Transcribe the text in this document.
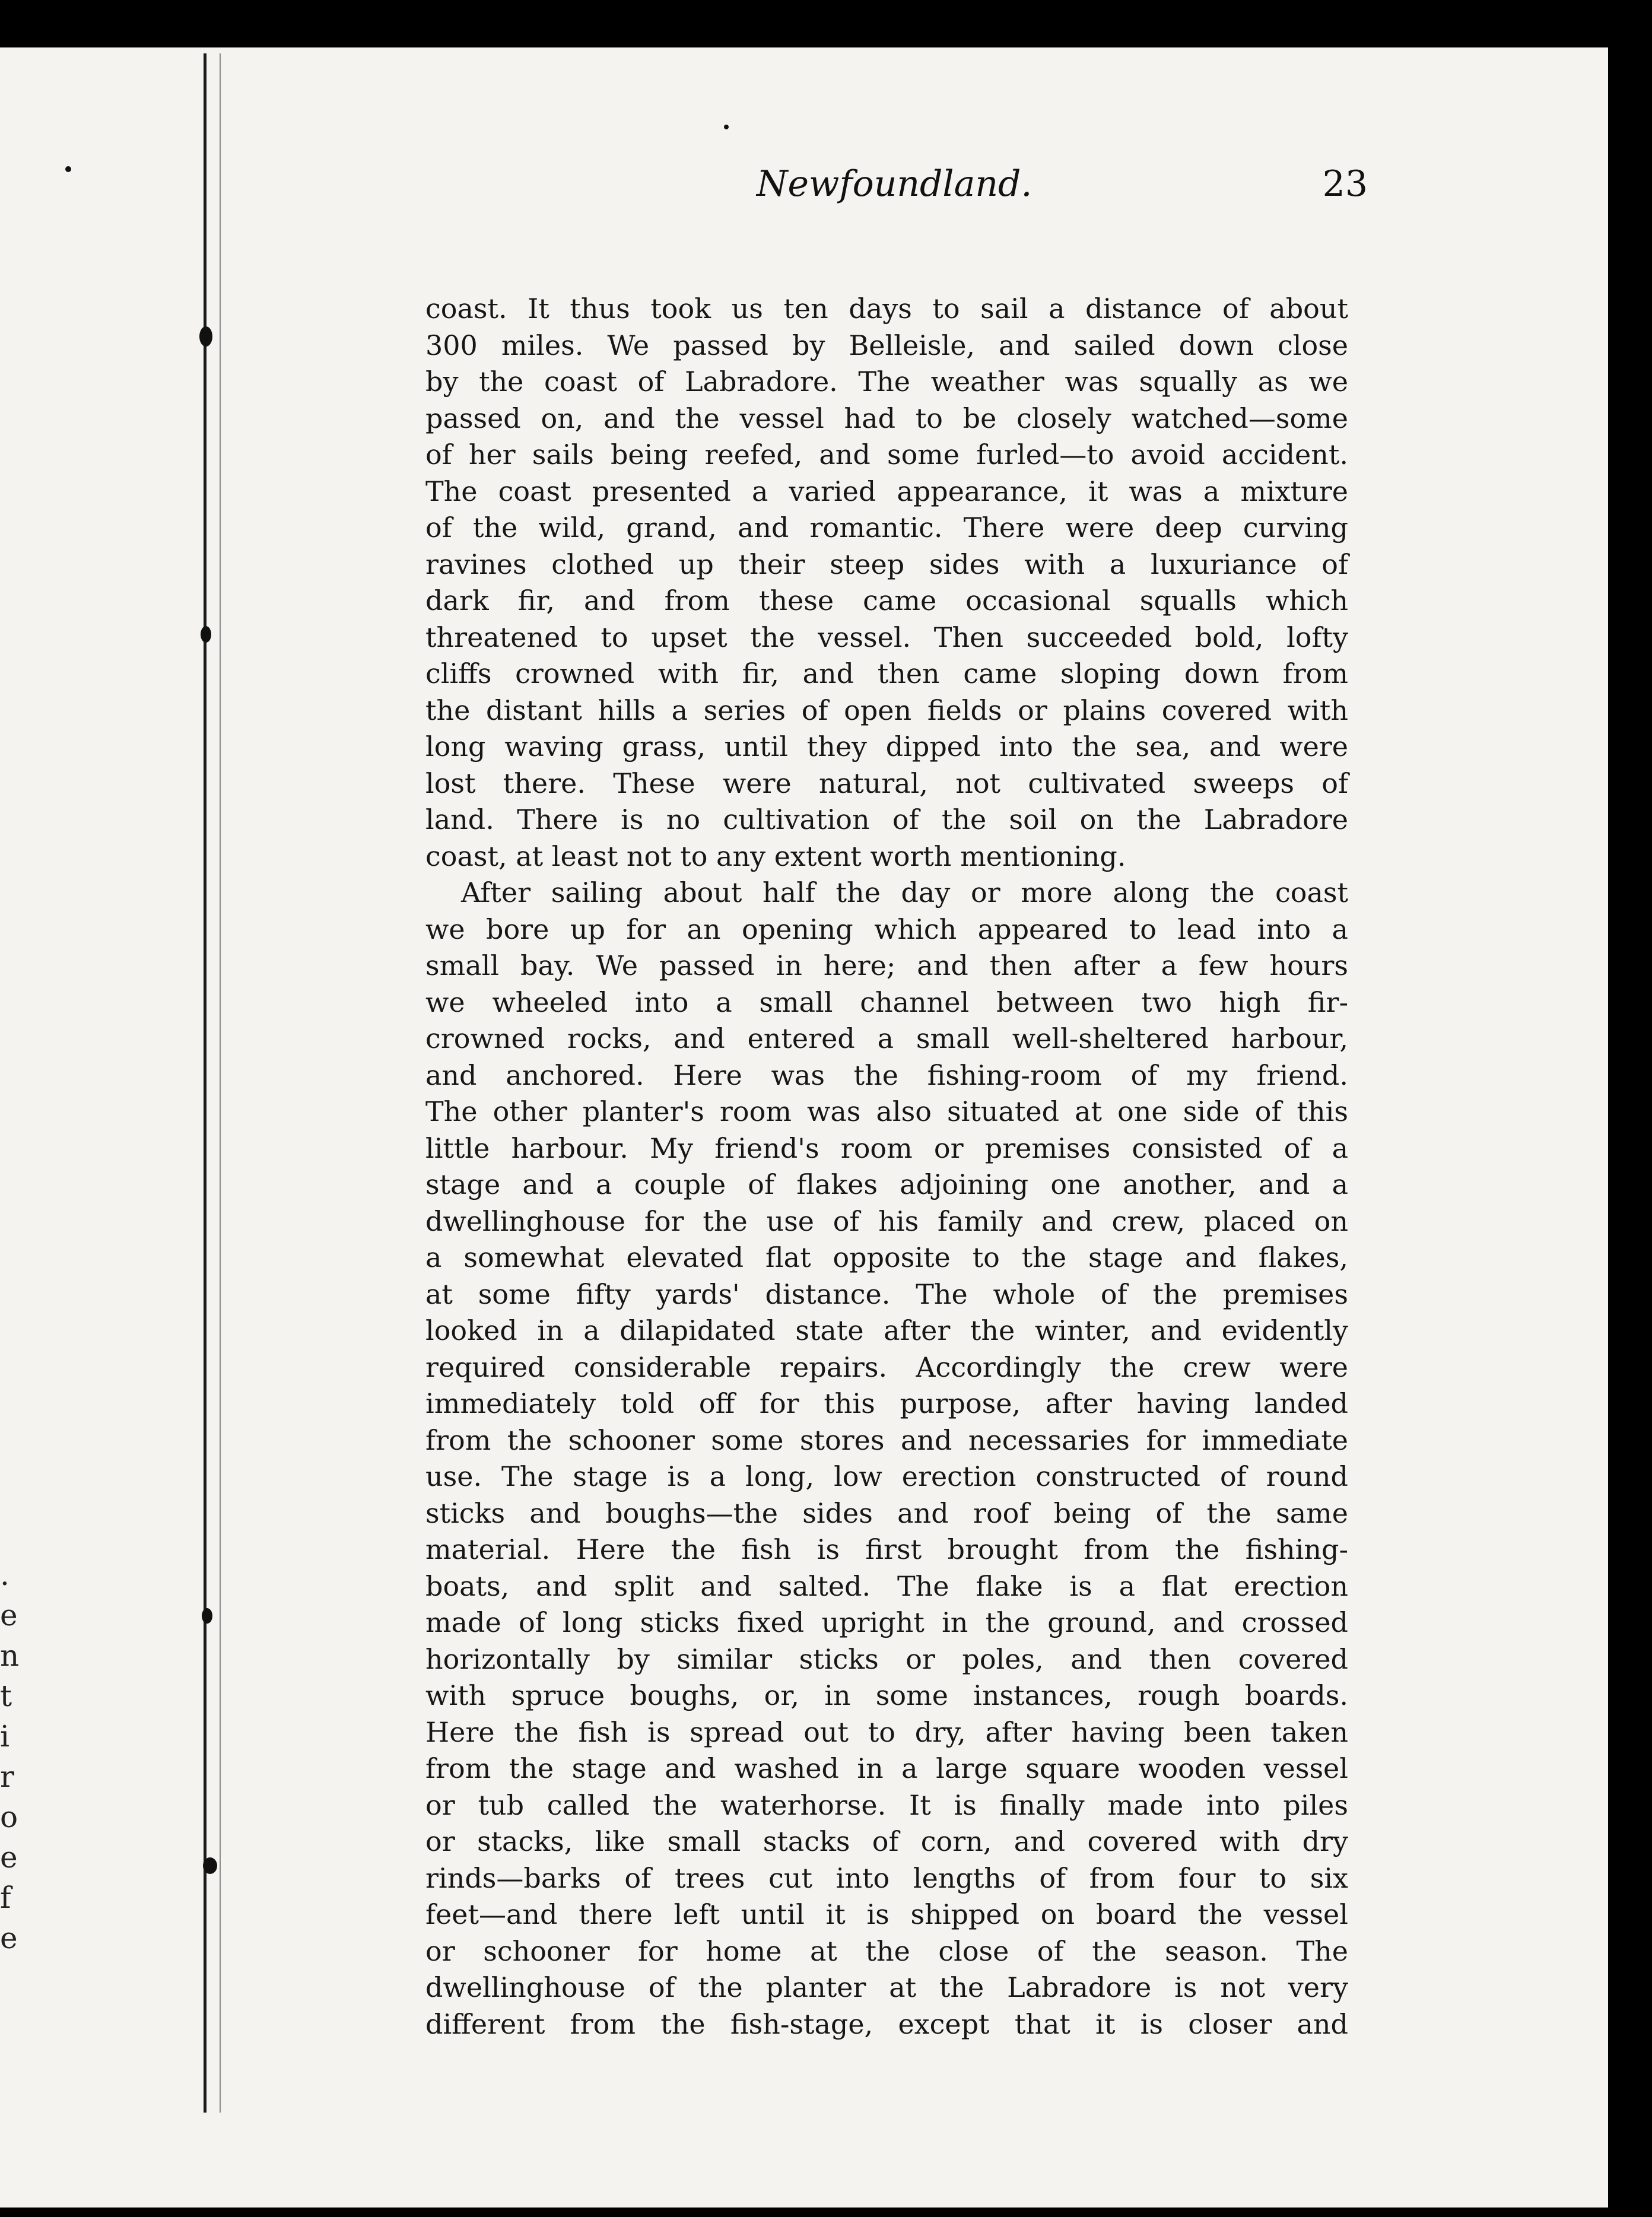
.
e
n
t
i
r
o
e
f
e
Newfoundland.	23
coast. It thus took us ten days to sail a distance of about
300 miles. We passed by Belleisle, and sailed down close
by the coast of Labradore. The weather was squally as we
passed on, and the vessel had to be closely watched—some
of her sails being reefed, and some furled—to avoid accident.
The coast presented a varied appearance, it was a mixture
of the wild, grand, and romantic. There were deep curving
ravines clothed up their steep sides with a luxuriance of
dark fir, and from these came occasional squalls which
threatened to upset the vessel. Then succeeded bold, lofty
cliffs crowned with fir, and then came sloping down from
the distant hills a series of open fields or plains covered with
long waving grass, until they dipped into the sea, and were
lost there. These were natural, not cultivated sweeps of
land. There is no cultivation of the soil on the Labradore
coast, at least not to any extent worth mentioning.
After sailing about half the day or more along the coast
we bore up for an opening which appeared to lead into a
small bay. We passed in here; and then after a few hours
we wheeled into a small channel between two high fir-
crowned rocks, and entered a small well-sheltered harbour,
and anchored. Here was the fishing-room of my friend.
The other planter's room was also situated at one side of this
little harbour. My friend's room or premises consisted of a
stage and a couple of flakes adjoining one another, and a
dwellinghouse for the use of his family and crew, placed on
a somewhat elevated flat opposite to the stage and flakes,
at some fifty yards' distance. The whole of the premises
looked in a dilapidated state after the winter, and evidently
required considerable repairs. Accordingly the crew were
immediately told off for this purpose, after having landed
from the schooner some stores and necessaries for immediate
use. The stage is a long, low erection constructed of round
sticks and boughs—the sides and roof being of the same
material. Here the fish is first brought from the fishing-
boats, and split and salted. The flake is a flat erection
made of long sticks fixed upright in the ground, and crossed
horizontally by similar sticks or poles, and then covered
with spruce boughs, or, in some instances, rough boards.
Here the fish is spread out to dry, after having been taken
from the stage and washed in a large square wooden vessel
or tub called the waterhorse. It is finally made into piles
or stacks, like small stacks of corn, and covered with dry
rinds—barks of trees cut into lengths of from four to six
feet—and there left until it is shipped on board the vessel
or schooner for home at the close of the season. The
dwellinghouse of the planter at the Labradore is not very
different from the fish-stage, except that it is closer and
